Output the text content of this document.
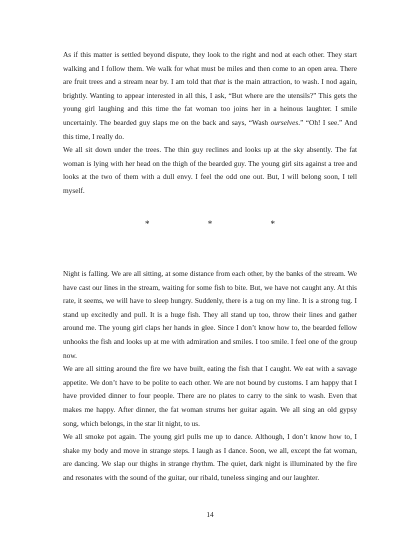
As if this matter is settled beyond dispute, they look to the right and nod at each other. They start walking and I follow them. We walk for what must be miles and then come to an open area. There are fruit trees and a stream near by. I am told that that is the main attraction, to wash. I nod again, brightly. Wanting to appear interested in all this, I ask, “But where are the utensils?” This gets the young girl laughing and this time the fat woman too joins her in a heinous laughter. I smile uncertainly. The bearded guy slaps me on the back and says, “Wash ourselves.” “Oh! I see.” And this time, I really do.

We all sit down under the trees. The thin guy reclines and looks up at the sky absently. The fat woman is lying with her head on the thigh of the bearded guy. The young girl sits against a tree and looks at the two of them with a dull envy. I feel the odd one out. But, I will belong soon, I tell myself.

* * *

Night is falling. We are all sitting, at some distance from each other, by the banks of the stream. We have cast our lines in the stream, waiting for some fish to bite. But, we have not caught any. At this rate, it seems, we will have to sleep hungry. Suddenly, there is a tug on my line. It is a strong tug. I stand up excitedly and pull. It is a huge fish. They all stand up too, throw their lines and gather around me. The young girl claps her hands in glee. Since I don’t know how to, the bearded fellow unhooks the fish and looks up at me with admiration and smiles. I too smile. I feel one of the group now.

We are all sitting around the fire we have built, eating the fish that I caught. We eat with a savage appetite. We don’t have to be polite to each other. We are not bound by customs. I am happy that I have provided dinner to four people. There are no plates to carry to the sink to wash. Even that makes me happy. After dinner, the fat woman strums her guitar again. We all sing an old gypsy song, which belongs, in the star lit night, to us.

We all smoke pot again. The young girl pulls me up to dance. Although, I don’t know how to, I shake my body and move in strange steps. I laugh as I dance. Soon, we all, except the fat woman, are dancing. We slap our thighs in strange rhythm. The quiet, dark night is illuminated by the fire and resonates with the sound of the guitar, our ribald, tuneless singing and our laughter.

14
